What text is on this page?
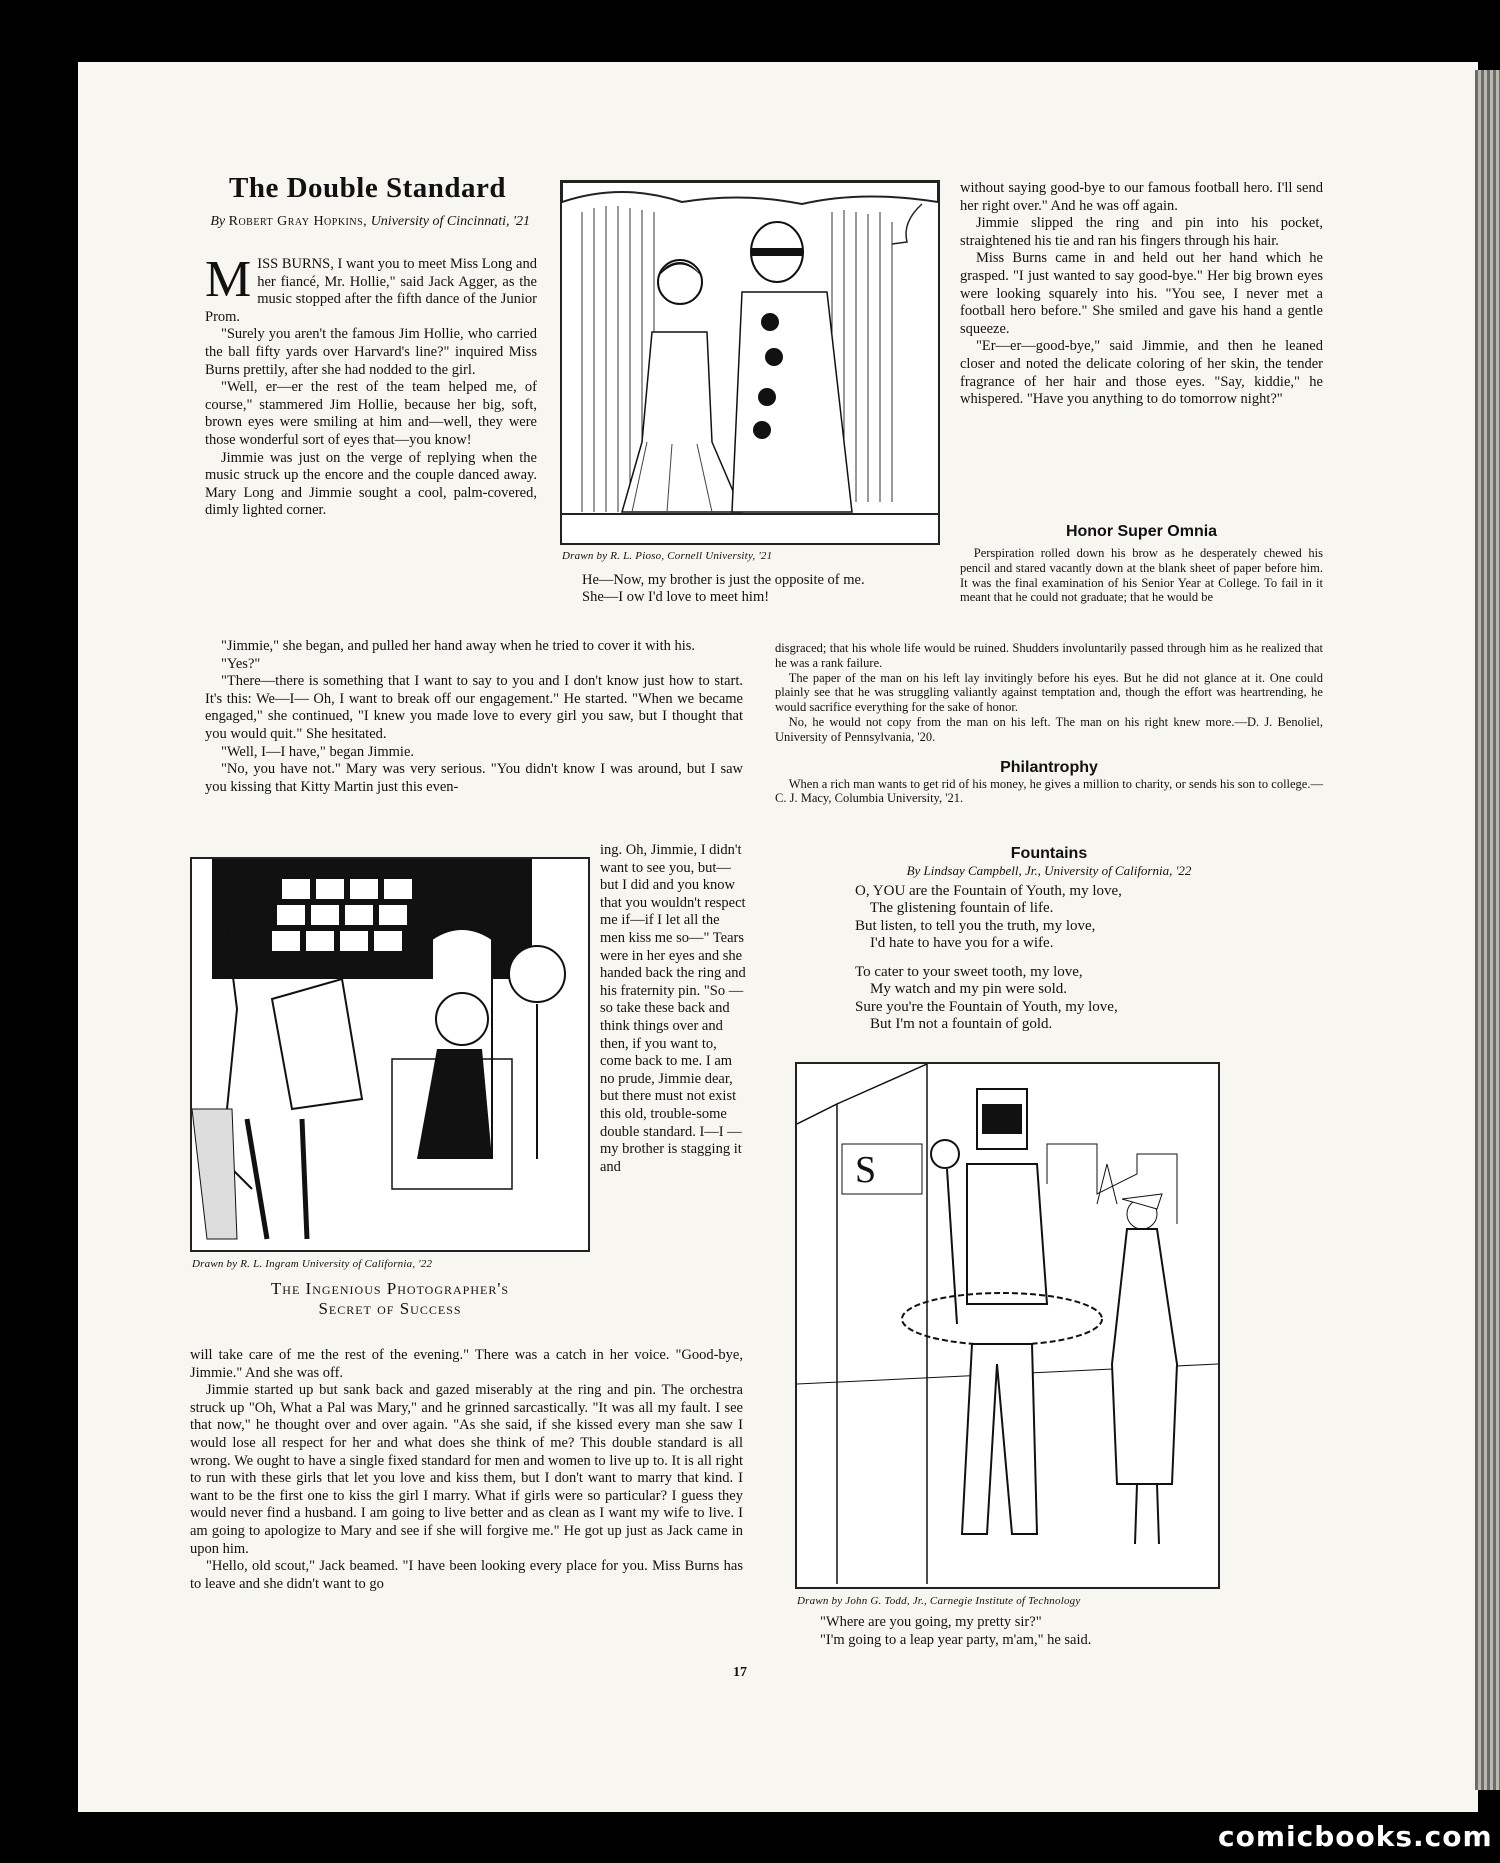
The Double Standard

By Robert Gray Hopkins, University of Cincinnati, '21

MISS BURNS, I want you to meet Miss Long and her fiancé, Mr. Hollie," said Jack Agger, as the music stopped after the fifth dance of the Junior Prom.

"Surely you aren't the famous Jim Hollie, who carried the ball fifty yards over Harvard's line?" inquired Miss Burns prettily, after she had nodded to the girl.

"Well, er—er the rest of the team helped me, of course," stammered Jim Hollie, because her big, soft, brown eyes were smiling at him and—well, they were those wonderful sort of eyes that—you know!

Jimmie was just on the verge of replying when the music struck up the encore and the couple danced away. Mary Long and Jimmie sought a cool, palm-covered, dimly lighted corner.

Drawn by R. L. Pioso, Cornell University, '21
He—Now, my brother is just the opposite of me.
She—I ow I'd love to meet him!

without saying good-bye to our famous football hero. I'll send her right over." And he was off again.

Jimmie slipped the ring and pin into his pocket, straightened his tie and ran his fingers through his hair.

Miss Burns came in and held out her hand which he grasped. "I just wanted to say good-bye." Her big brown eyes were looking squarely into his. "You see, I never met a football hero before." She smiled and gave his hand a gentle squeeze.

"Er—er—good-bye," said Jimmie, and then he leaned closer and noted the delicate coloring of her skin, the tender fragrance of her hair and those eyes. "Say, kiddie," he whispered. "Have you anything to do tomorrow night?"

Honor Super Omnia

Perspiration rolled down his brow as he desperately chewed his pencil and stared vacantly down at the blank sheet of paper before him. It was the final examination of his Senior Year at College. To fail in it meant that he could not graduate; that he would be

"Jimmie," she began, and pulled her hand away when he tried to cover it with his.

"Yes?"

"There—there is something that I want to say to you and I don't know just how to start. It's this: We—I— Oh, I want to break off our engagement." He started. "When we became engaged," she continued, "I knew you made love to every girl you saw, but I thought that you would quit." She hesitated.

"Well, I—I have," began Jimmie.

"No, you have not." Mary was very serious. "You didn't know I was around, but I saw you kissing that Kitty Martin just this even-

disgraced; that his whole life would be ruined. Shudders involuntarily passed through him as he realized that he was a rank failure.

The paper of the man on his left lay invitingly before his eyes. But he did not glance at it. One could plainly see that he was struggling valiantly against temptation and, though the effort was heartrending, he would sacrifice everything for the sake of honor.

No, he would not copy from the man on his left. The man on his right knew more.—D. J. Benoliel, University of Pennsylvania, '20.

Philantrophy

When a rich man wants to get rid of his money, he gives a million to charity, or sends his son to college.—C. J. Macy, Columbia University, '21.

Fountains
By Lindsay Campbell, Jr., University of California, '22

O, YOU are the Fountain of Youth, my love,
The glistening fountain of life.
But listen, to tell you the truth, my love,
I'd hate to have you for a wife.

To cater to your sweet tooth, my love,
My watch and my pin were sold.
Sure you're the Fountain of Youth, my love,
But I'm not a fountain of gold.

Drawn by R. L. Ingram University of California, '22
The Ingenious Photographer's
Secret of Success

ing. Oh, Jimmie, I didn't want to see you, but—but I did and you know that you wouldn't respect me if—if I let all the men kiss me so—" Tears were in her eyes and she handed back the ring and his fraternity pin. "So —so take these back and think things over and then, if you want to, come back to me. I am no prude, Jimmie dear, but there must not exist this old, trouble-some double standard. I—I —my brother is stagging it and

will take care of me the rest of the evening." There was a catch in her voice. "Good-bye, Jimmie." And she was off.

Jimmie started up but sank back and gazed miserably at the ring and pin. The orchestra struck up "Oh, What a Pal was Mary," and he grinned sarcastically. "It was all my fault. I see that now," he thought over and over again. "As she said, if she kissed every man she saw I would lose all respect for her and what does she think of me? This double standard is all wrong. We ought to have a single fixed standard for men and women to live up to. It is all right to run with these girls that let you love and kiss them, but I don't want to marry that kind. I want to be the first one to kiss the girl I marry. What if girls were so particular? I guess they would never find a husband. I am going to live better and as clean as I want my wife to live. I am going to apologize to Mary and see if she will forgive me." He got up just as Jack came in upon him.

"Hello, old scout," Jack beamed. "I have been looking every place for you. Miss Burns has to leave and she didn't want to go

S
Drawn by John G. Todd, Jr., Carnegie Institute of Technology
"Where are you going, my pretty sir?"
"I'm going to a leap year party, m'am," he said.
17
comicbooks.com
